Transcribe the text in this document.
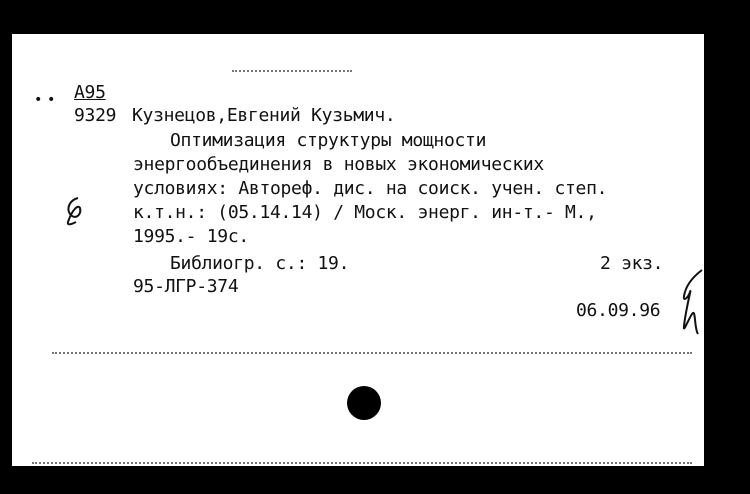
• • А95
9329 Кузнецов,Евгений Кузьмич.
Оптимизация структуры мощности
энергообъединения в новых экономических
условиях: Автореф. дис. на соиск. учен. степ.
к.т.н.: (05.14.14) / Моск. энерг. ин-т.- М.,
1995.- 19с.
Библиогр. с.: 19.	2 экз.
95-ЛГР-374
06.09.96
